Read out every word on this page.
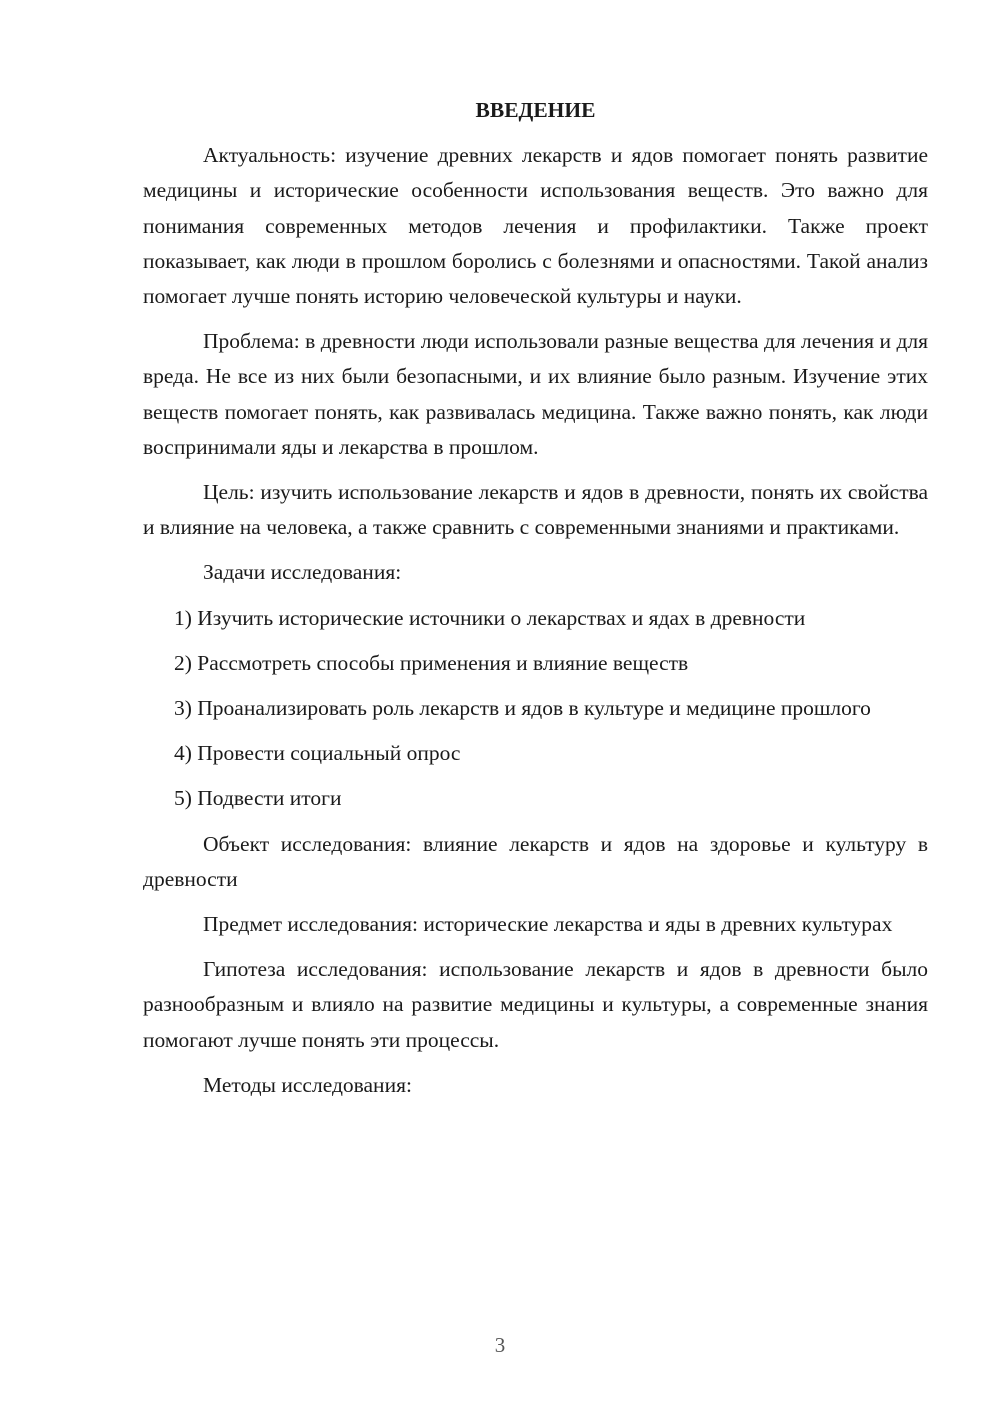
ВВЕДЕНИЕ

Актуальность: изучение древних лекарств и ядов помогает понять развитие медицины и исторические особенности использования веществ. Это важно для понимания современных методов лечения и профилактики. Также проект показывает, как люди в прошлом боролись с болезнями и опасностями. Такой анализ помогает лучше понять историю человеческой культуры и науки.

Проблема: в древности люди использовали разные вещества для лечения и для вреда. Не все из них были безопасными, и их влияние было разным. Изучение этих веществ помогает понять, как развивалась медицина. Также важно понять, как люди воспринимали яды и лекарства в прошлом.

Цель: изучить использование лекарств и ядов в древности, понять их свойства и влияние на человека, а также сравнить с современными знаниями и практиками.

Задачи исследования:

1) Изучить исторические источники о лекарствах и ядах в древности

2) Рассмотреть способы применения и влияние веществ

3) Проанализировать роль лекарств и ядов в культуре и медицине прошлого

4) Провести социальный опрос

5) Подвести итоги

Объект исследования: влияние лекарств и ядов на здоровье и культуру в древности

Предмет исследования: исторические лекарства и яды в древних культурах

Гипотеза исследования: использование лекарств и ядов в древности было разнообразным и влияло на развитие медицины и культуры, а современные знания помогают лучше понять эти процессы.

Методы исследования:

3
